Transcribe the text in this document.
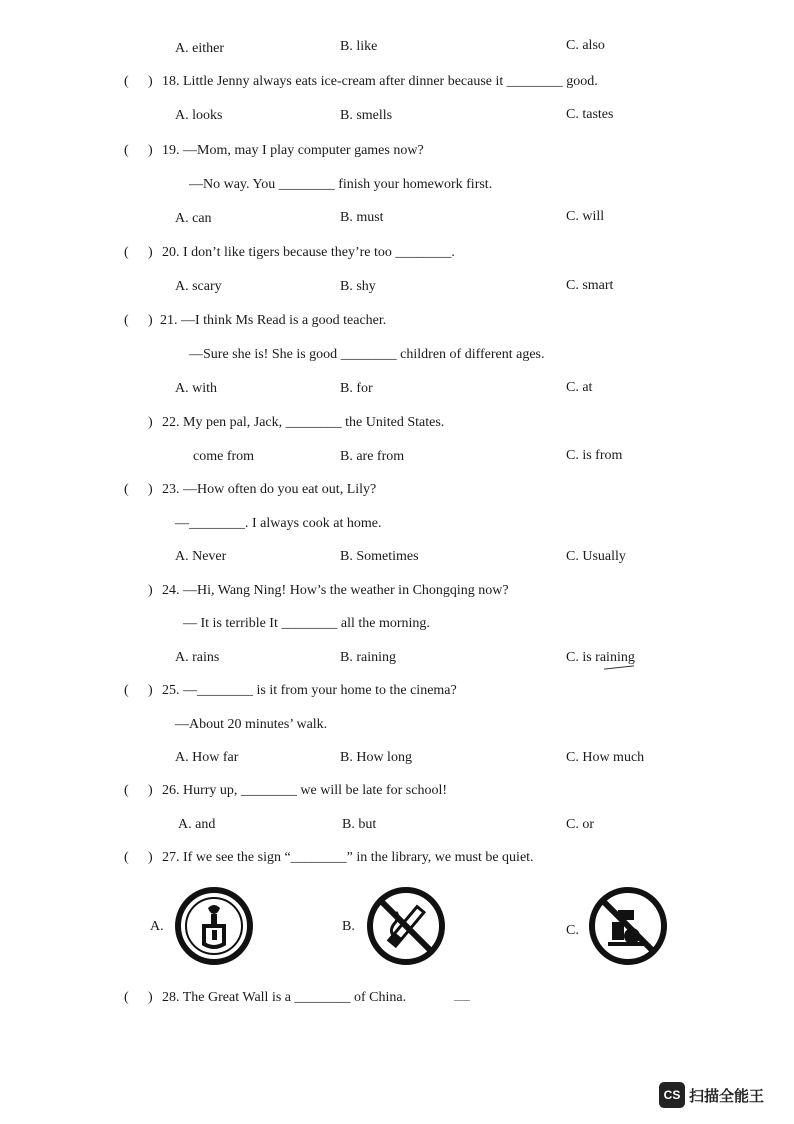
A. either	B. like	C. also
( ) 18. Little Jenny always eats ice-cream after dinner because it ________ good.
A. looks	B. smells	C. tastes
( ) 19. —Mom, may I play computer games now?
—No way. You ________ finish your homework first.
A. can	B. must	C. will
( ) 20. I don’t like tigers because they’re too ________.
A. scary	B. shy	C. smart
( ) 21. —I think Ms Read is a good teacher.
—Sure she is! She is good ________ children of different ages.
A. with	B. for	C. at
) 22. My pen pal, Jack, ________ the United States.
come from	B. are from	C. is from
( ) 23. —How often do you eat out, Lily?
—________. I always cook at home.
A. Never	B. Sometimes	C. Usually
) 24. —Hi, Wang Ning! How’s the weather in Chongqing now?
— It is terrible It ________ all the morning.
A. rains	B. raining	C. is raining
( ) 25. —________ is it from your home to the cinema?
—About 20 minutes’ walk.
A. How far	B. How long	C. How much
( ) 26. Hurry up, ________ we will be late for school!
A. and	B. but	C. or
( ) 27. If we see the sign “________” in the library, we must be quiet.
A.	B.	C.
( ) 28. The Great Wall is a ________ of China.
CS 扫描全能王
